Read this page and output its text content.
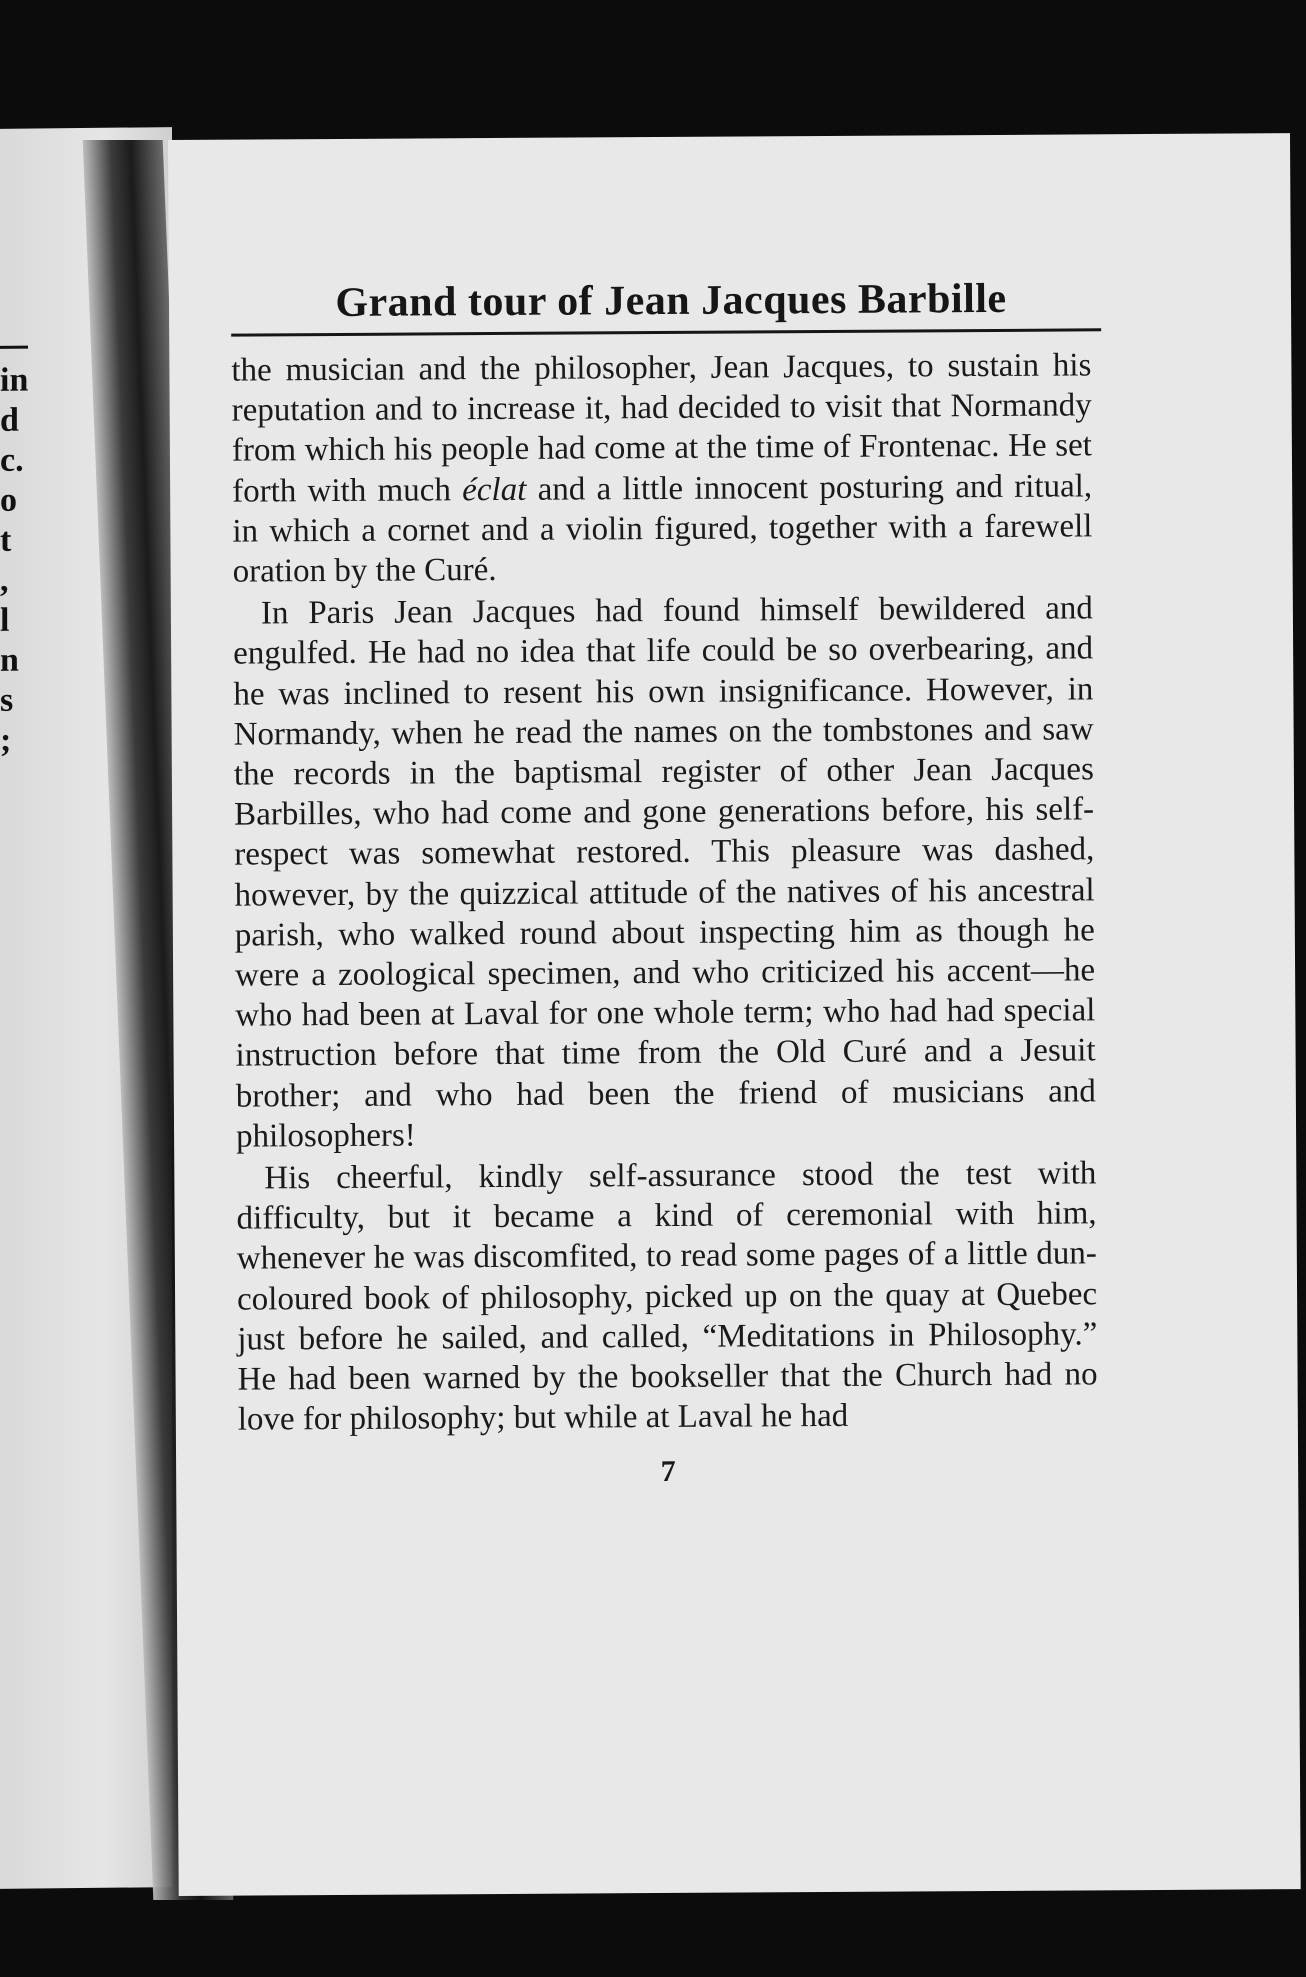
in
d
c.
o
t
,
l
n
s
;
Grand tour of Jean Jacques Barbille

the musician and the philosopher, Jean Jacques, to sustain his reputation and to increase it, had decided to visit that Normandy from which his people had come at the time of Frontenac. He set forth with much éclat and a little innocent posturing and ritual, in which a cornet and a violin figured, together with a farewell oration by the Curé.

In Paris Jean Jacques had found himself bewildered and engulfed. He had no idea that life could be so overbearing, and he was inclined to resent his own insignificance. However, in Normandy, when he read the names on the tombstones and saw the records in the baptismal register of other Jean Jacques Barbilles, who had come and gone generations before, his self-respect was somewhat restored. This pleasure was dashed, however, by the quizzical attitude of the natives of his ancestral parish, who walked round about inspecting him as though he were a zoological specimen, and who criticized his accent—he who had been at Laval for one whole term; who had had special instruction before that time from the Old Curé and a Jesuit brother; and who had been the friend of musicians and philosophers!

His cheerful, kindly self-assurance stood the test with difficulty, but it became a kind of ceremonial with him, whenever he was discomfited, to read some pages of a little dun-coloured book of philosophy, picked up on the quay at Quebec just before he sailed, and called, “Meditations in Philosophy.” He had been warned by the bookseller that the Church had no love for philosophy; but while at Laval he had

7
